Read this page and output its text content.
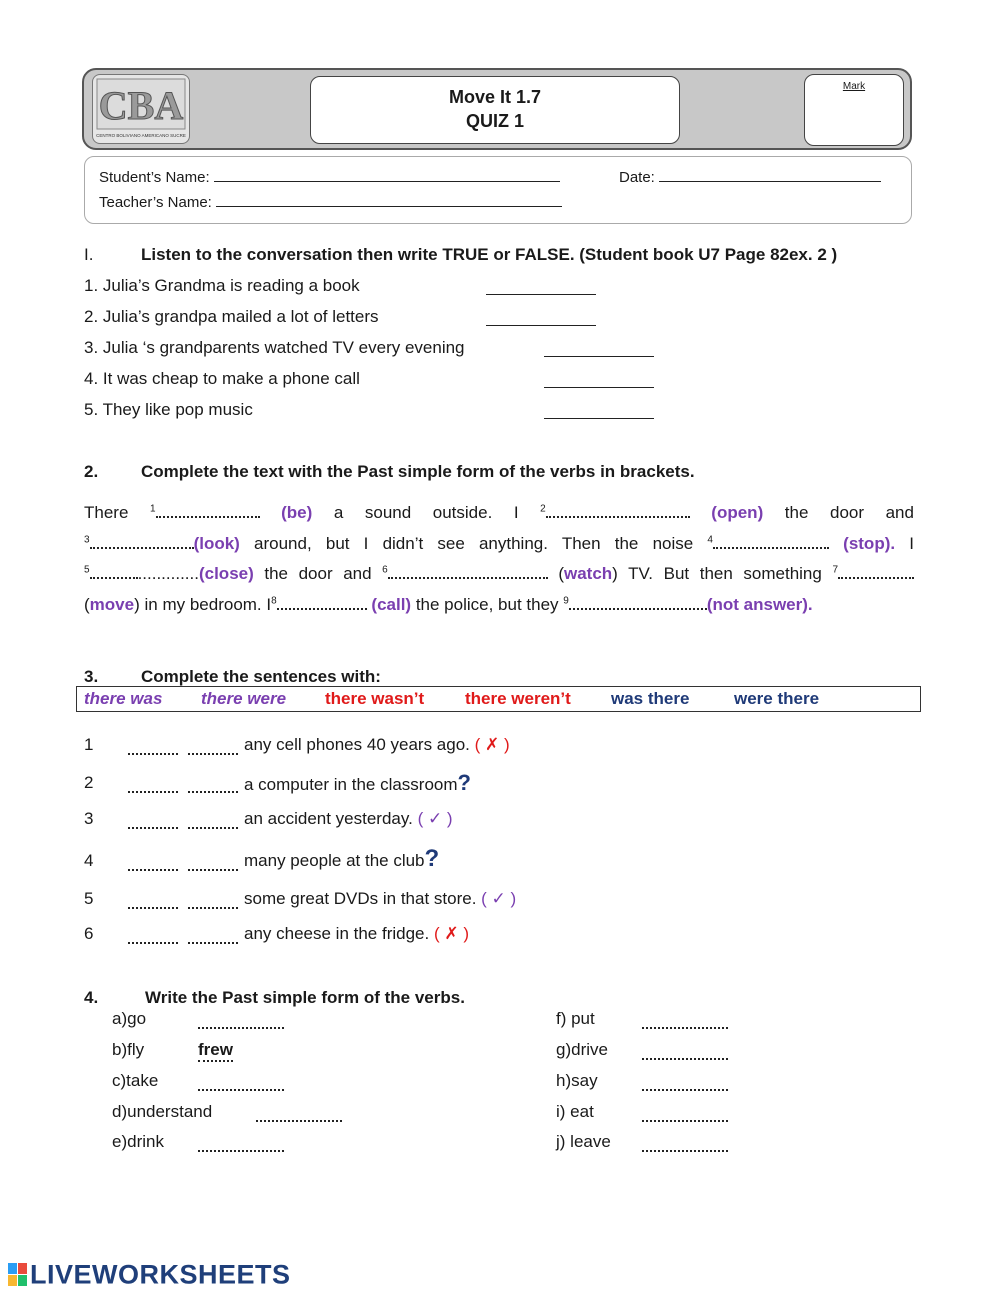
CBA
CENTRO BOLIVIANO AMERICANO SUCRE
Move It 1.7
QUIZ 1
Mark
Student’s Name:	Date:
Teacher’s Name:
I.	Listen to the conversation then write TRUE or FALSE. (Student book U7 Page 82ex. 2 )
1. Julia’s Grandma is reading a book
2. Julia’s grandpa mailed a lot of letters
3. Julia ‘s grandparents watched TV every evening
4. It was cheap to make a phone call
5. They like pop music
2.	Complete the text with the Past simple form of the verbs in brackets.
There $^1$	(be) a sound outside. I $^2$	(open) the door and
$^3$	(look) around, but I didn’t see anything. Then the noise $^4$	(stop). I
$^5$	.............(close) the door and $^6$	(watch) TV. But then something $^7$
(move) in my bedroom. $I^8$	(call) the police, but they $^9$	(not answer).
3.	Complete the sentences with:
there was there were there wasn’t there weren’t was there	were there
1	any cell phones 40 years ago. ( ✗ )
2	a computer in the classroom?
3	an accident yesterday. ( ✓ )
4	many people at the club?
5	some great DVDs in that store. ( ✓ )
6	any cheese in the fridge. ( ✗ )
4.	Write the Past simple form of the verbs.
a)go
b)fly	frew
c)take
d)understand
e)drink
f) put
g)drive
h)say
i) eat
j) leave
LIVEWORKSHEETS
